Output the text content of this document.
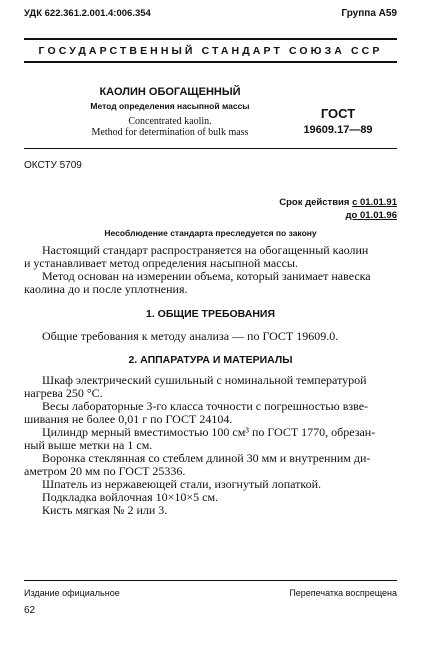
УДК 622.361.2.001.4:006.354	Группа А59
ГОСУДАРСТВЕННЫЙ СТАНДАРТ СОЮЗА ССР
КАОЛИН ОБОГАЩЕННЫЙ
Метод определения насыпной массы
Concentrated kaolin.
Method for determination of bulk mass
ГОСТ
19609.17—89
ОКСТУ 5709
Срок действия с 01.01.91
до 01.01.96
Несоблюдение стандарта преследуется по закону
Настоящий стандарт распространяется на обогащенный каолин
и устанавливает метод определения насыпной массы.
Метод основан на измерении объема, который занимает навеска
каолина до и после уплотнения.
1. ОБЩИЕ ТРЕБОВАНИЯ
Общие требования к методу анализа — по ГОСТ 19609.0.
2. АППАРАТУРА И МАТЕРИАЛЫ
Шкаф электрический сушильный с номинальной температурой
нагрева 250 °С.
Весы лабораторные 3-го класса точности с погрешностью взве-
шивания не более 0,01 г по ГОСТ 24104.
Цилиндр мерный вместимостью 100 см³ по ГОСТ 1770, обрезан-
ный выше метки на 1 см.
Воронка стеклянная со стеблем длиной 30 мм и внутренним ди-
аметром 20 мм по ГОСТ 25336.
Шпатель из нержавеющей стали, изогнутый лопаткой.
Подкладка войлочная 10×10×5 см.
Кисть мягкая № 2 или 3.
Издание официальное	Перепечатка воспрещена
62
